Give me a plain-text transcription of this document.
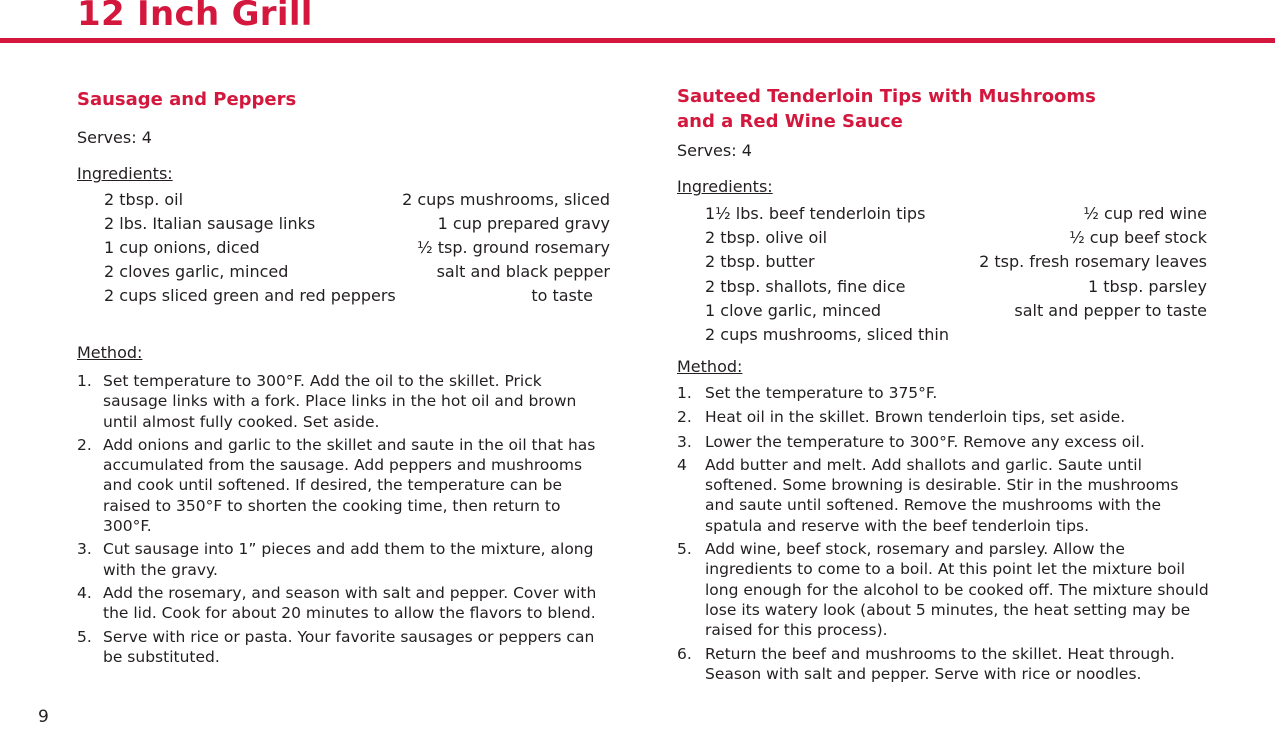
12 Inch Grill
Sausage and Peppers
Serves: 4
Ingredients:
2 tbsp. oil	2 cups mushrooms, sliced
2 lbs. Italian sausage links	1 cup prepared gravy
1 cup onions, diced	½ tsp. ground rosemary
2 cloves garlic, minced	salt and black pepper
2 cups sliced green and red peppers	to taste
Method:
1. Set temperature to 300°F. Add the oil to the skillet. Prick sausage links with a fork. Place links in the hot oil and brown until almost fully cooked. Set aside.
2. Add onions and garlic to the skillet and saute in the oil that has accumulated from the sausage. Add peppers and mushrooms and cook until softened. If desired, the temperature can be raised to 350°F to shorten the cooking time, then return to 300°F.
3. Cut sausage into 1” pieces and add them to the mixture, along with the gravy.
4. Add the rosemary, and season with salt and pepper. Cover with the lid. Cook for about 20 minutes to allow the flavors to blend.
5. Serve with rice or pasta. Your favorite sausages or peppers can be substituted.
Sauteed Tenderloin Tips with Mushrooms
and a Red Wine Sauce
Serves: 4
Ingredients:
1½ lbs. beef tenderloin tips	½ cup red wine
2 tbsp. olive oil	½ cup beef stock
2 tbsp. butter	2 tsp. fresh rosemary leaves
2 tbsp. shallots, fine dice	1 tbsp. parsley
1 clove garlic, minced	salt and pepper to taste
2 cups mushrooms, sliced thin
Method:
1. Set the temperature to 375°F.
2. Heat oil in the skillet. Brown tenderloin tips, set aside.
3. Lower the temperature to 300°F. Remove any excess oil.
4 Add butter and melt. Add shallots and garlic. Saute until softened. Some browning is desirable. Stir in the mushrooms and saute until softened. Remove the mushrooms with the spatula and reserve with the beef tenderloin tips.
5. Add wine, beef stock, rosemary and parsley. Allow the ingredients to come to a boil. At this point let the mixture boil long enough for the alcohol to be cooked off. The mixture should lose its watery look (about 5 minutes, the heat setting may be raised for this process).
6. Return the beef and mushrooms to the skillet. Heat through. Season with salt and pepper. Serve with rice or noodles.
9
